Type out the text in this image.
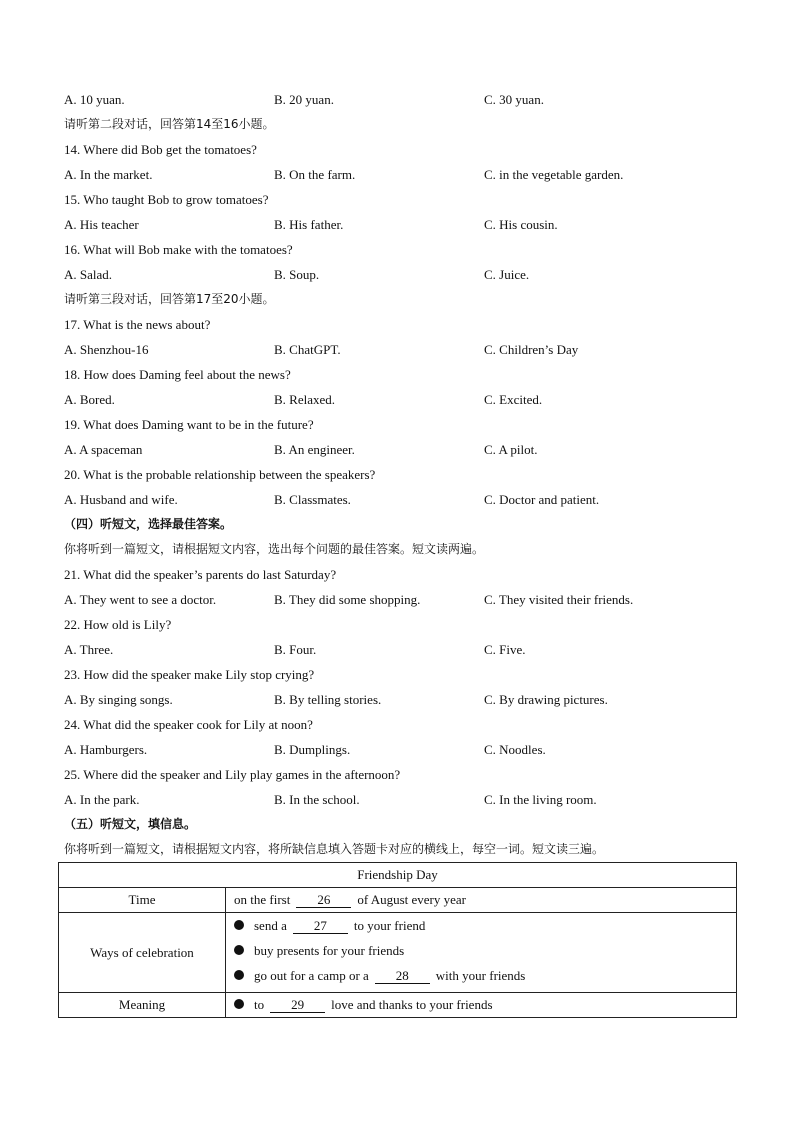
A. 10 yuan.	B. 20 yuan.	C. 30 yuan.
请听第二段对话，回答第14至16小题。
14. Where did Bob get the tomatoes?
A. In the market.	B. On the farm.	C. in the vegetable garden.
15. Who taught Bob to grow tomatoes?
A. His teacher	B. His father.	C. His cousin.
16. What will Bob make with the tomatoes?
A. Salad.	B. Soup.	C. Juice.
请听第三段对话，回答第17至20小题。
17. What is the news about?
A. Shenzhou-16	B. ChatGPT.	C. Children’s Day
18. How does Daming feel about the news?
A. Bored.	B. Relaxed.	C. Excited.
19. What does Daming want to be in the future?
A. A spaceman	B. An engineer.	C. A pilot.
20. What is the probable relationship between the speakers?
A. Husband and wife.	B. Classmates.	C. Doctor and patient.
（四）听短文，选择最佳答案。
你将听到一篇短文，请根据短文内容，选出每个问题的最佳答案。短文读两遍。
21. What did the speaker’s parents do last Saturday?
A. They went to see a doctor.	B. They did some shopping.	C. They visited their friends.
22. How old is Lily?
A. Three.	B. Four.	C. Five.
23. How did the speaker make Lily stop crying?
A. By singing songs.	B. By telling stories.	C. By drawing pictures.
24. What did the speaker cook for Lily at noon?
A. Hamburgers.	B. Dumplings.	C. Noodles.
25. Where did the speaker and Lily play games in the afternoon?
A. In the park.	B. In the school.	C. In the living room.
（五）听短文，填信息。
你将听到一篇短文，请根据短文内容，将所缺信息填入答题卡对应的横线上，每空一词。短文读三遍。
Friendship Day	
Time	on the first 26 of August every year
Ways of celebration	send a 27 to your friend
buy presents for your friends
go out for a camp or a 28 with your friends

Meaning	to 29 love and thanks to your friends
